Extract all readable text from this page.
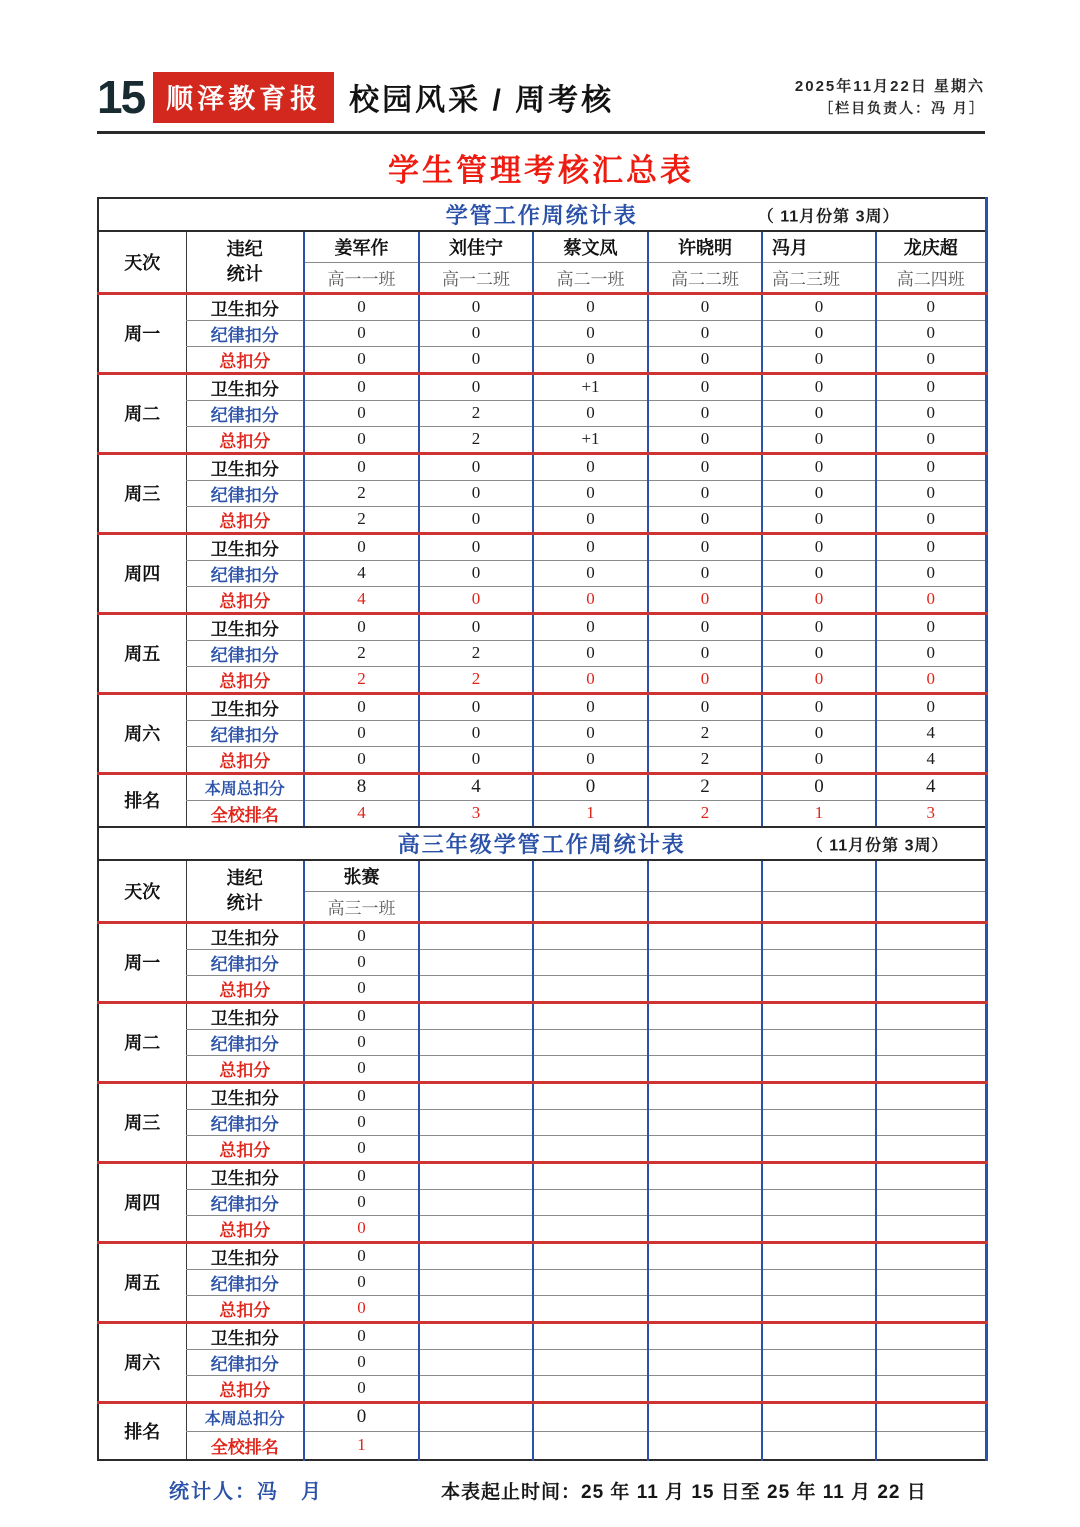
15 顺泽教育报 校园风采 / 周考核	2025年11月22日 星期六
［栏目负责人：冯 月］
学生管理考核汇总表
学管工作周统计表 （ 11月份第 3周）							

天次	违纪
统计	姜军作	刘佳宁	蔡文凤	许晓明	冯月	龙庆超
		高一一班	高一二班	高二一班	高二二班	高二三班	高二四班
周一	卫生扣分	0	0	0	0	0	0
	纪律扣分	0	0	0	0	0	0
	总扣分	0	0	0	0	0	0
周二	卫生扣分	0	0	+1	0	0	0
	纪律扣分	0	2	0	0	0	0
	总扣分	0	2	+1	0	0	0
周三	卫生扣分	0	0	0	0	0	0
	纪律扣分	2	0	0	0	0	0
	总扣分	2	0	0	0	0	0
周四	卫生扣分	0	0	0	0	0	0
	纪律扣分	4	0	0	0	0	0
	总扣分	4	0	0	0	0	0
周五	卫生扣分	0	0	0	0	0	0
	纪律扣分	2	2	0	0	0	0
	总扣分	2	2	0	0	0	0
周六	卫生扣分	0	0	0	0	0	0
	纪律扣分	0	0	0	2	0	4
	总扣分	0	0	0	2	0	4
排名	本周总扣分	8	4	0	2	0	4
	全校排名	4	3	1	2	1	3
高三年级学管工作周统计表 （ 11月份第 3周）							

天次	违纪
统计	张赛					
		高三一班					
周一	卫生扣分	0					
	纪律扣分	0					
	总扣分	0					
周二	卫生扣分	0					
	纪律扣分	0					
	总扣分	0					
周三	卫生扣分	0					
	纪律扣分	0					
	总扣分	0					
周四	卫生扣分	0					
	纪律扣分	0					
	总扣分	0					
周五	卫生扣分	0					
	纪律扣分	0					
	总扣分	0					
周六	卫生扣分	0					
	纪律扣分	0					
	总扣分	0					
排名	本周总扣分	0					
	全校排名	1					
统计人：冯　月	本表起止时间：25 年 11 月 15 日至 25 年 11 月 22 日
